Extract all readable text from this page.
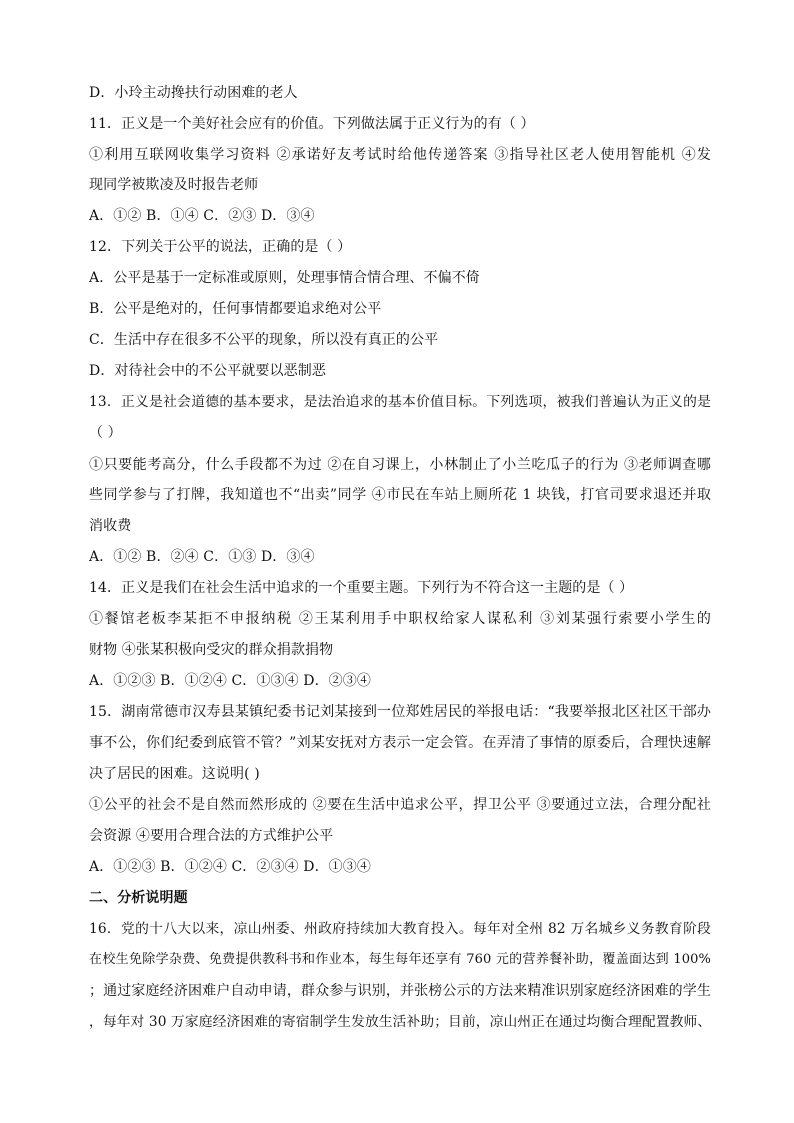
D．小玲主动搀扶行动困难的老人
11．正义是一个美好社会应有的价值。下列做法属于正义行为的有（ ）
①利用互联网收集学习资料 ②承诺好友考试时给他传递答案 ③指导社区老人使用智能机 ④发
现同学被欺凌及时报告老师
A．①② B．①④ C．②③ D．③④
12．下列关于公平的说法，正确的是（ ）
A．公平是基于一定标准或原则，处理事情合情合理、不偏不倚
B．公平是绝对的，任何事情都要追求绝对公平
C．生活中存在很多不公平的现象，所以没有真正的公平
D．对待社会中的不公平就要以恶制恶
13．正义是社会道德的基本要求，是法治追求的基本价值目标。下列选项，被我们普遍认为正义的是
（ ）
①只要能考高分，什么手段都不为过 ②在自习课上，小林制止了小兰吃瓜子的行为 ③老师调查哪
些同学参与了打牌，我知道也不“出卖”同学 ④市民在车站上厕所花 1 块钱，打官司要求退还并取
消收费
A．①② B．②④ C．①③ D．③④
14．正义是我们在社会生活中追求的一个重要主题。下列行为不符合这一主题的是（ ）
①餐馆老板李某拒不申报纳税 ②王某利用手中职权给家人谋私利 ③刘某强行索要小学生的
财物 ④张某积极向受灾的群众捐款捐物
A．①②③ B．①②④ C．①③④ D．②③④
15．湖南常德市汉寿县某镇纪委书记刘某接到一位郑姓居民的举报电话：“我要举报北区社区干部办
事不公，你们纪委到底管不管？”刘某安抚对方表示一定会管。在弄清了事情的原委后，合理快速解
决了居民的困难。这说明( )
①公平的社会不是自然而然形成的 ②要在生活中追求公平，捍卫公平 ③要通过立法，合理分配社
会资源 ④要用合理合法的方式维护公平
A．①②③ B．①②④ C．②③④ D．①③④
二、分析说明题
16．党的十八大以来，凉山州委、州政府持续加大教育投入。每年对全州 82 万名城乡义务教育阶段
在校生免除学杂费、免费提供教科书和作业本，每生每年还享有 760 元的营养餐补助，覆盖面达到 100%
；通过家庭经济困难户自动申请，群众参与识别，并张榜公示的方法来精准识别家庭经济困难的学生
，每年对 30 万家庭经济困难的寄宿制学生发放生活补助；目前，凉山州正在通过均衡合理配置教师、
